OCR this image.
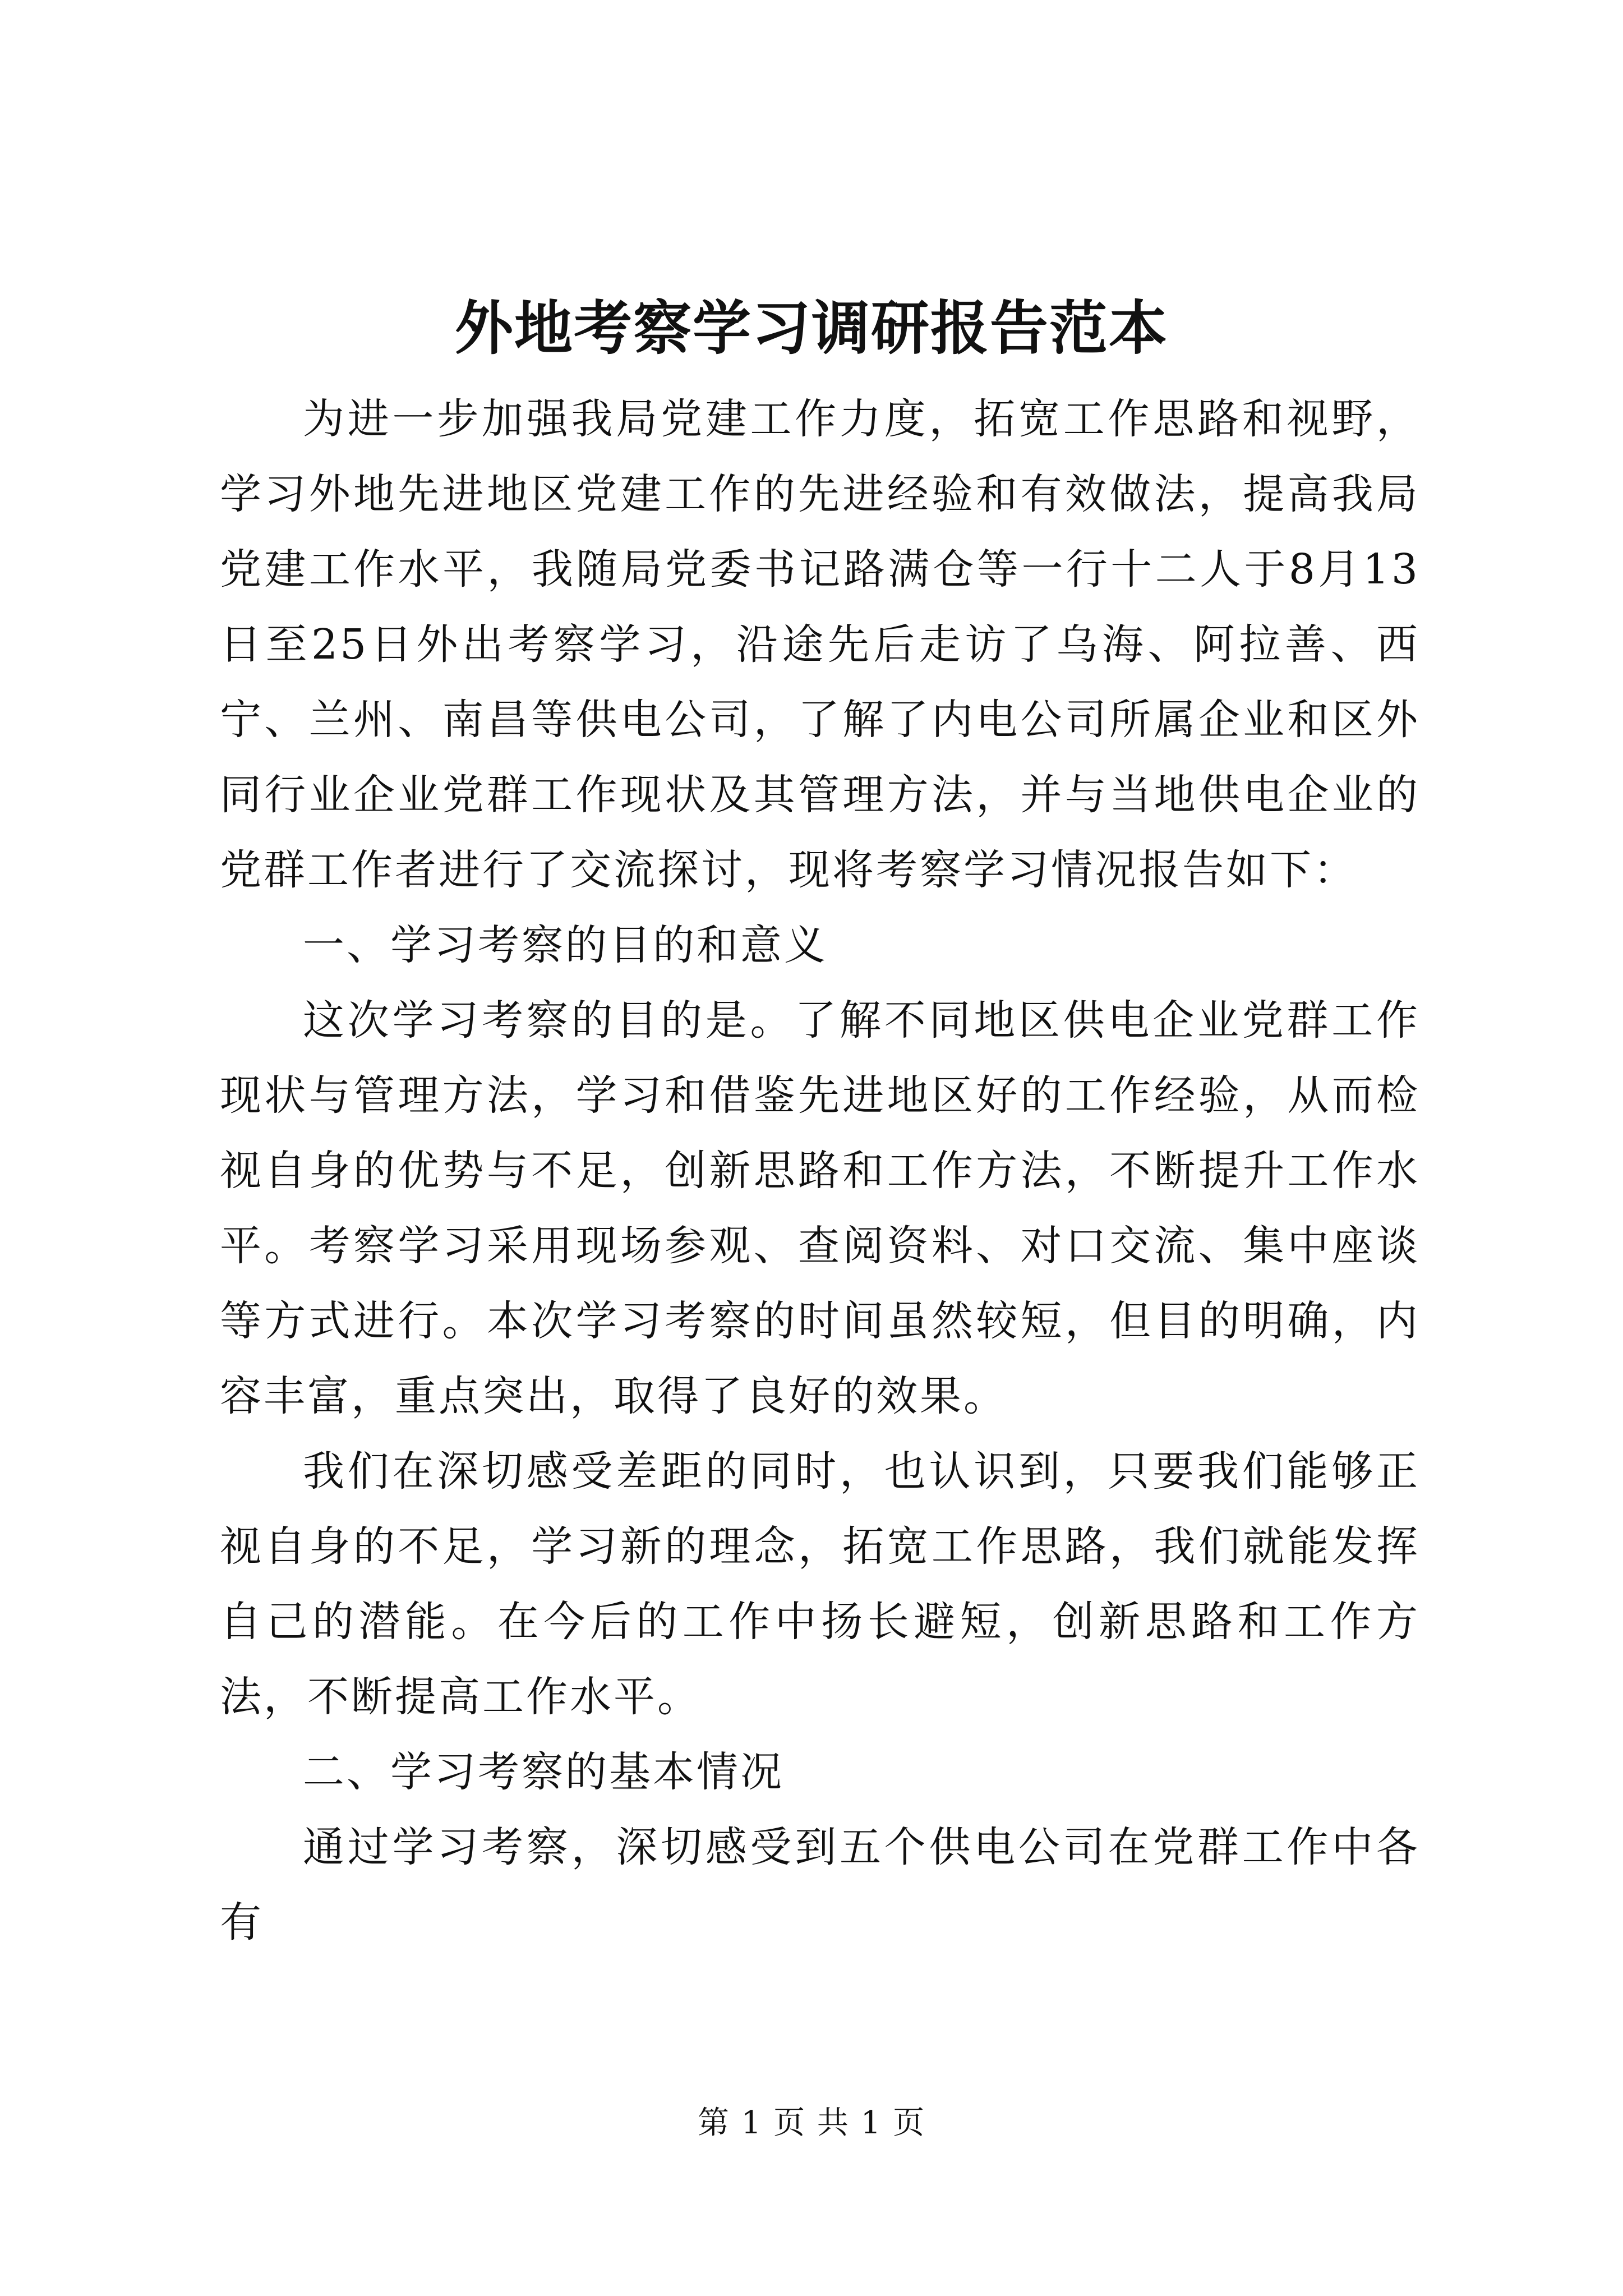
外地考察学习调研报告范本

为进一步加强我局党建工作力度，拓宽工作思路和视野，学习外地先进地区党建工作的先进经验和有效做法，提高我局党建工作水平，我随局党委书记路满仓等一行十二人于8月13日至25日外出考察学习，沿途先后走访了乌海、阿拉善、西宁、兰州、南昌等供电公司，了解了内电公司所属企业和区外同行业企业党群工作现状及其管理方法，并与当地供电企业的党群工作者进行了交流探讨，现将考察学习情况报告如下：

一、学习考察的目的和意义

这次学习考察的目的是。了解不同地区供电企业党群工作现状与管理方法，学习和借鉴先进地区好的工作经验，从而检视自身的优势与不足，创新思路和工作方法，不断提升工作水平。考察学习采用现场参观、查阅资料、对口交流、集中座谈等方式进行。本次学习考察的时间虽然较短，但目的明确，内容丰富，重点突出，取得了良好的效果。

我们在深切感受差距的同时，也认识到，只要我们能够正视自身的不足，学习新的理念，拓宽工作思路，我们就能发挥自己的潜能。在今后的工作中扬长避短，创新思路和工作方法，不断提高工作水平。

二、学习考察的基本情况

通过学习考察，深切感受到五个供电公司在党群工作中各有

第 1 页 共 1 页
